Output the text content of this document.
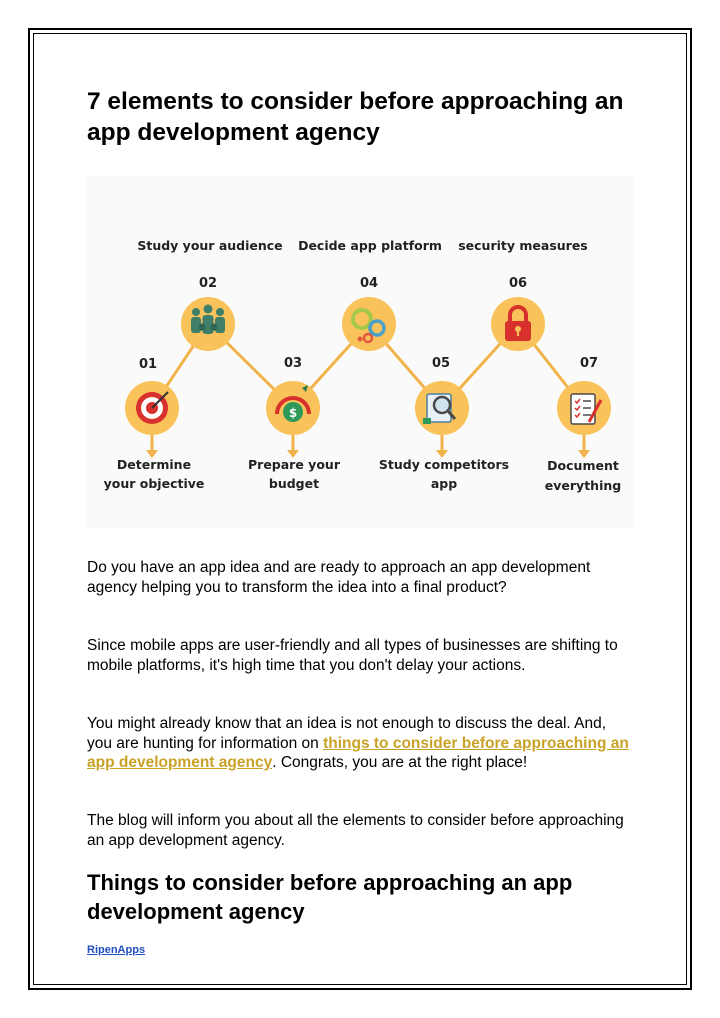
7 elements to consider before approaching an app development agency
Study your audience Decide app platform security measures
02	04	06
01	03	05	07
$
Determine
your objective
Prepare your
budget
Study competitors
app
Document
everything

Do you have an app idea and are ready to approach an app development agency helping you to transform the idea into a final product?

Since mobile apps are user-friendly and all types of businesses are shifting to mobile platforms, it's high time that you don't delay your actions.

You might already know that an idea is not enough to discuss the deal. And, you are hunting for information on things to consider before approaching an app development agency. Congrats, you are at the right place!

The blog will inform you about all the elements to consider before approaching an app development agency.

Things to consider before approaching an app development agency
RipenApps
